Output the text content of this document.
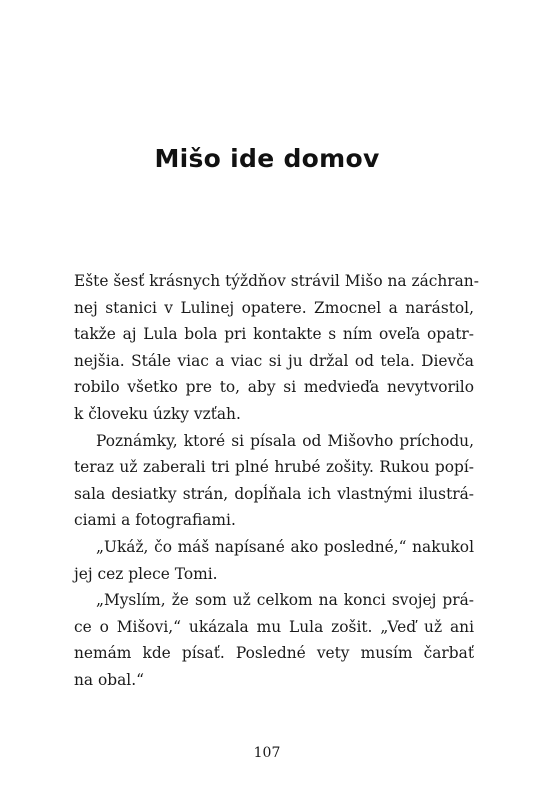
Mišo ide domov
Ešte šesť krásnych týždňov strávil Mišo na záchran-
nej stanici v Lulinej opatere. Zmocnel a narástol,
takže aj Lula bola pri kontakte s ním oveľa opatr-
nejšia. Stále viac a viac si ju držal od tela. Dievča
robilo všetko pre to, aby si medvieďa nevytvorilo
k človeku úzky vzťah.
Poznámky, ktoré si písala od Mišovho príchodu,
teraz už zaberali tri plné hrubé zošity. Rukou popí-
sala desiatky strán, dopĺňala ich vlastnými ilustrá-
ciami a fotografiami.
„Ukáž, čo máš napísané ako posledné,“ nakukol
jej cez plece Tomi.
„Myslím, že som už celkom na konci svojej prá-
ce o Mišovi,“ ukázala mu Lula zošit. „Veď už ani
nemám kde písať. Posledné vety musím čarbať
na obal.“
107
